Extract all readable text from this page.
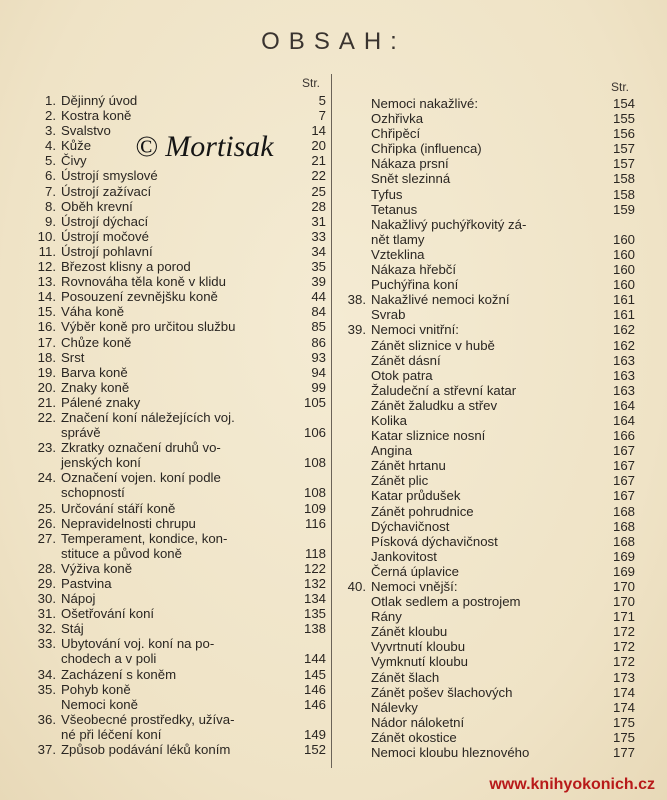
OBSAH:
Str.
1. Dějinný úvod	5
2. Kostra koně	7
3. Svalstvo	14
4. Kůže	20
5. Čivy	21
6. Ústrojí smyslové	22
7. Ústrojí zažívací	25
8. Oběh krevní	28
9. Ústrojí dýchací	31
10. Ústrojí močové	33
11. Ústrojí pohlavní	34
12. Březost klisny a porod	35
13. Rovnováha těla koně v klidu	39
14. Posouzení zevnějšku koně	44
15. Váha koně	84
16. Výběr koně pro určitou službu	85
17. Chůze koně	86
18. Srst	93
19. Barva koně	94
20. Znaky koně	99
21. Pálené znaky	105
22. Značení koní náležejících voj.
správě	106
23. Zkratky označení druhů vo-
jenských koní	108
24. Označení vojen. koní podle
schopností	108
25. Určování stáří koně	109
26. Nepravidelnosti chrupu	116
27. Temperament, kondice, kon-
stituce a původ koně	118
28. Výživa koně	122
29. Pastvina	132
30. Nápoj	134
31. Ošetřování koní	135
32. Stáj	138
33. Ubytování voj. koní na po-
chodech a v poli	144
34. Zacházení s koněm	145
35. Pohyb koně	146
Nemoci koně	146
36. Všeobecné prostředky, užíva-
né při léčení koní	149
37. Způsob podávání léků koním	152
Str.
Nemoci nakažlivé:	154
Ozhřivka	155
Chřipěcí	156
Chřipka (influenca)	157
Nákaza prsní	157
Snět slezinná	158
Tyfus	158
Tetanus	159
Nakažlivý puchýřkovitý zá-
nět tlamy	160
Vzteklina	160
Nákaza hřebčí	160
Puchýřina koní	160
38. Nakažlivé nemoci kožní	161
Svrab	161
39. Nemoci vnitřní:	162
Zánět sliznice v hubě	162
Zánět dásní	163
Otok patra	163
Žaludeční a střevní katar	163
Zánět žaludku a střev	164
Kolika	164
Katar sliznice nosní	166
Angina	167
Zánět hrtanu	167
Zánět plic	167
Katar průdušek	167
Zánět pohrudnice	168
Dýchavičnost	168
Písková dýchavičnost	168
Jankovitost	169
Černá úplavice	169
40. Nemoci vnější:	170
Otlak sedlem a postrojem	170
Rány	171
Zánět kloubu	172
Vyvrtnutí kloubu	172
Vymknutí kloubu	172
Zánět šlach	173
Zánět pošev šlachových	174
Nálevky	174
Nádor náloketní	175
Zánět okostice	175
Nemoci kloubu hleznového	177
© Mortisak
www.knihyokonich.cz
